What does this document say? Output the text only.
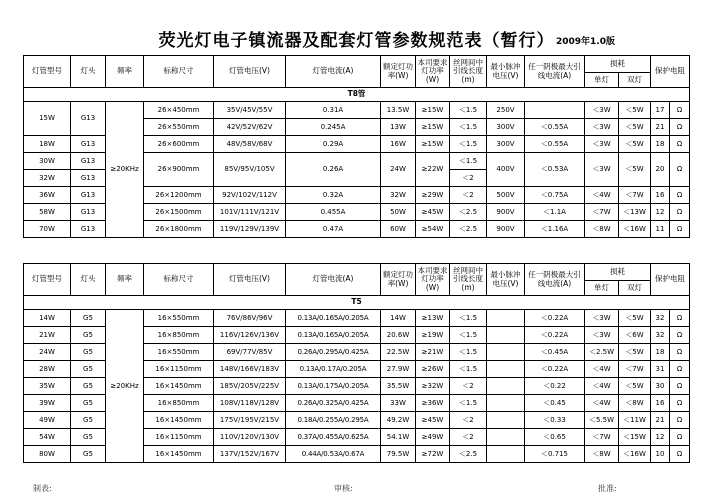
荧光灯电子镇流器及配套灯管参数规范表（暂行） 2009年1.0版
灯管型号	灯头	频率	标称尺寸	灯管电压(V)	灯管电流(A)	额定灯功率(W)	本司要求灯功率(W)	丝网间中引线长度(m)	最小脉冲电压(V)	任一阴极最大引线电流(A)	损耗		保护电阻	
											单灯	双灯		
T8管														
15W	G13	≥20KHz	26×450mm	35V/45V/55V	0.31A	13.5W	≥15W	＜1.5	250V		＜3W	＜5W	17	Ω
			26×550mm	42V/52V/62V	0.245A	13W	≥15W	＜1.5	300V	＜0.55A	＜3W	＜5W	21	Ω
18W	G13		26×600mm	48V/58V/68V	0.29A	16W	≥15W	＜1.5	300V	＜0.55A	＜3W	＜5W	18	Ω
30W	G13		26×900mm	85V/95V/105V	0.26A	24W	≥22W	＜1.5	400V	＜0.53A	＜3W	＜5W	20	Ω
32W	G13							＜2						
36W	G13		26×1200mm	92V/102V/112V	0.32A	32W	≥29W	＜2	500V	＜0.75A	＜4W	＜7W	16	Ω
58W	G13		26×1500mm	101V/111V/121V	0.455A	50W	≥45W	＜2.5	900V	＜1.1A	＜7W	＜13W	12	Ω
70W	G13		26×1800mm	119V/129V/139V	0.47A	60W	≥54W	＜2.5	900V	＜1.16A	＜8W	＜16W	11	Ω
灯管型号	灯头	频率	标称尺寸	灯管电压(V)	灯管电流(A)	额定灯功率(W)	本司要求灯功率(W)	丝网间中引线长度(m)	最小脉冲电压(V)	任一阴极最大引线电流(A)	损耗		保护电阻	
											单灯	双灯		
T5														
14W	G5	≥20KHz	16×550mm	76V/86V/96V	0.13A/0.165A/0.205A	14W	≥13W	＜1.5		＜0.22A	＜3W	＜5W	32	Ω
21W	G5		16×850mm	116V/126V/136V	0.13A/0.165A/0.205A	20.6W	≥19W	＜1.5		＜0.22A	＜3W	＜6W	32	Ω
24W	G5		16×550mm	69V/77V/85V	0.26A/0.295A/0.425A	22.5W	≥21W	＜1.5		＜0.45A	＜2.5W	＜5W	18	Ω
28W	G5		16×1150mm	148V/166V/183V	0.13A/0.17A/0.205A	27.9W	≥26W	＜1.5		＜0.22A	＜4W	＜7W	31	Ω
35W	G5		16×1450mm	185V/205V/225V	0.13A/0.175A/0.205A	35.5W	≥32W	＜2		＜0.22	＜4W	＜5W	30	Ω
39W	G5		16×850mm	108V/118V/128V	0.26A/0.325A/0.425A	33W	≥36W	＜1.5		＜0.45	＜4W	＜8W	16	Ω
49W	G5		16×1450mm	175V/195V/215V	0.18A/0.255A/0.295A	49.2W	≥45W	＜2		＜0.33	＜5.5W	＜11W	21	Ω
54W	G5		16×1150mm	110V/120V/130V	0.37A/0.455A/0.625A	54.1W	≥49W	＜2		＜0.65	＜7W	＜15W	12	Ω
80W	G5		16×1450mm	137V/152V/167V	0.44A/0.53A/0.67A	79.5W	≥72W	＜2.5		＜0.715	＜8W	＜16W	10	Ω
制表:	审核:	批准:
